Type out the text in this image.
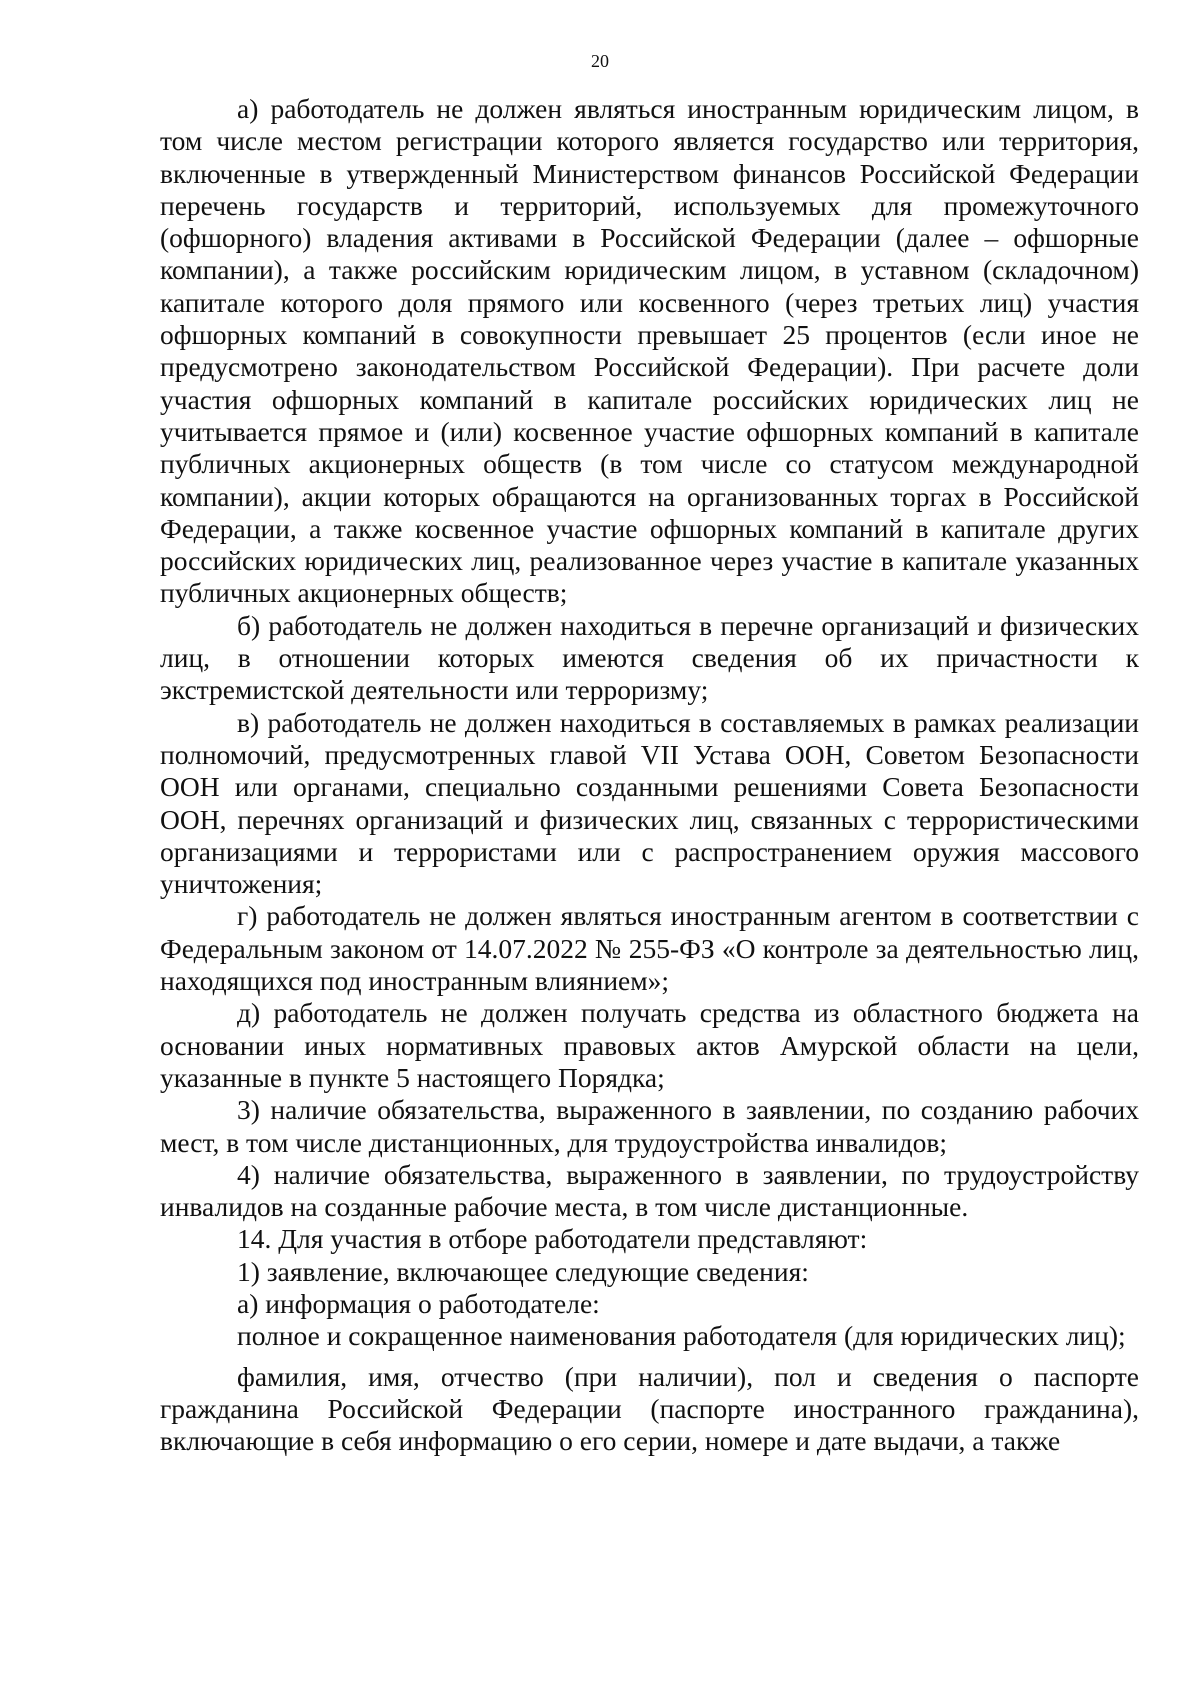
20

а) работодатель не должен являться иностранным юридическим лицом, в том числе местом регистрации которого является государство или территория, включенные в утвержденный Министерством финансов Российской Федерации перечень государств и территорий, используемых для промежуточного (офшорного) владения активами в Российской Федерации (далее – офшорные компании), а также российским юридическим лицом, в уставном (складочном) капитале которого доля прямого или косвенного (через третьих лиц) участия офшорных компаний в совокупности превышает 25 процентов (если иное не предусмотрено законодательством Российской Федерации). При расчете доли участия офшорных компаний в капитале российских юридических лиц не учитывается прямое и (или) косвенное участие офшорных компаний в капитале публичных акционерных обществ (в том числе со статусом международной компании), акции которых обращаются на организованных торгах в Российской Федерации, а также косвенное участие офшорных компаний в капитале других российских юридических лиц, реализованное через участие в капитале указанных публичных акционерных обществ;

б) работодатель не должен находиться в перечне организаций и физических лиц, в отношении которых имеются сведения об их причастности к экстремистской деятельности или терроризму;

в) работодатель не должен находиться в составляемых в рамках реализации полномочий, предусмотренных главой VII Устава ООН, Советом Безопасности ООН или органами, специально созданными решениями Совета Безопасности ООН, перечнях организаций и физических лиц, связанных с террористическими организациями и террористами или с распространением оружия массового уничтожения;

г) работодатель не должен являться иностранным агентом в соответствии с Федеральным законом от 14.07.2022 № 255-ФЗ «О контроле за деятельностью лиц, находящихся под иностранным влиянием»;

д) работодатель не должен получать средства из областного бюджета на основании иных нормативных правовых актов Амурской области на цели, указанные в пункте 5 настоящего Порядка;

3) наличие обязательства, выраженного в заявлении, по созданию рабочих мест, в том числе дистанционных, для трудоустройства инвалидов;

4) наличие обязательства, выраженного в заявлении, по трудоустройству инвалидов на созданные рабочие места, в том числе дистанционные.

14. Для участия в отборе работодатели представляют:

1) заявление, включающее следующие сведения:

а) информация о работодателе:

полное и сокращенное наименования работодателя (для юридических лиц);

фамилия, имя, отчество (при наличии), пол и сведения о паспорте гражданина Российской Федерации (паспорте иностранного гражданина), включающие в себя информацию о его серии, номере и дате выдачи, а также
